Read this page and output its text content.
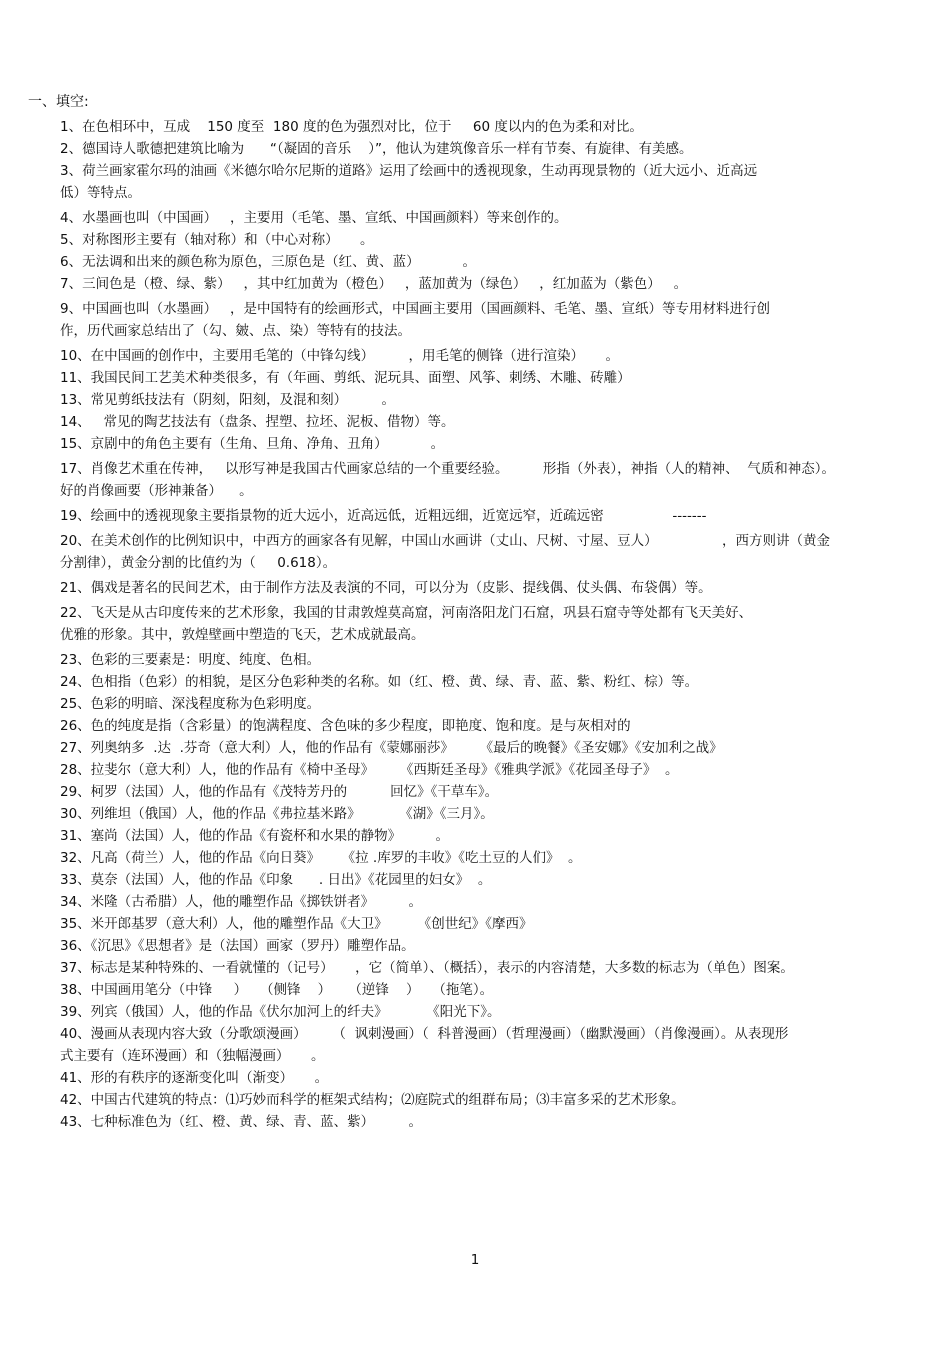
一、填空:
1、在色相环中，互成    150 度至  180 度的色为强烈对比，位于     60 度以内的色为柔和对比。
2、德国诗人歌德把建筑比喻为      “（凝固的音乐    ）”，他认为建筑像音乐一样有节奏、有旋律、有美感。
3、荷兰画家霍尔玛的油画《米德尔哈尔尼斯的道路》运用了绘画中的透视现象，生动再现景物的（近大远小、近高远
低）等特点。
4、水墨画也叫（中国画）   ，主要用（毛笔、墨、宣纸、中国画颜料）等来创作的。
5、对称图形主要有（轴对称）和（中心对称）     。
6、无法调和出来的颜色称为原色，三原色是（红、黄、蓝）          。
7、三间色是（橙、绿、紫）   ，其中红加黄为（橙色）   ，蓝加黄为（绿色）   ，红加蓝为（紫色）   。
9、中国画也叫（水墨画）   ，是中国特有的绘画形式，中国画主要用（国画颜料、毛笔、墨、宣纸）等专用材料进行创
作，历代画家总结出了（勾、皴、点、染）等特有的技法。
10、在中国画的创作中，主要用毛笔的（中锋勾线）        ，用毛笔的侧锋（进行渲染）     。
11、我国民间工艺美术种类很多，有（年画、剪纸、泥玩具、面塑、风筝、刺绣、木雕、砖雕）
13、常见剪纸技法有（阴刻，阳刻，及混和刻）        。
14、   常见的陶艺技法有（盘条、捏塑、拉坯、泥板、借物）等。
15、京剧中的角色主要有（生角、旦角、净角、丑角）          。
17、肖像艺术重在传神，   以形写神是我国古代画家总结的一个重要经验。        形指（外表），神指（人的精神、  气质和神态）。
好的肖像画要（形神兼备）    。
19、绘画中的透视现象主要指景物的近大远小，近高远低，近粗远细，近宽远窄，近疏远密                -------
20、在美术创作的比例知识中，中西方的画家各有见解，中国山水画讲（丈山、尺树、寸屋、豆人）               ，西方则讲（黄金
分割律），黄金分割的比值约为（     0.618）。
21、偶戏是著名的民间艺术，由于制作方法及表演的不同，可以分为（皮影、提线偶、仗头偶、布袋偶）等。
22、飞天是从古印度传来的艺术形象，我国的甘肃敦煌莫高窟，河南洛阳龙门石窟，巩县石窟寺等处都有飞天美好、
优雅的形象。其中，敦煌壁画中塑造的飞天，艺术成就最高。
23、色彩的三要素是：明度、纯度、色相。
24、色相指（色彩）的相貌，是区分色彩种类的名称。如（红、橙、黄、绿、青、蓝、紫、粉红、棕）等。
25、色彩的明暗、深浅程度称为色彩明度。
26、色的纯度是指（含彩量）的饱满程度、含色味的多少程度，即艳度、饱和度。是与灰相对的
27、列奥纳多  .达  .芬奇（意大利）人，他的作品有《蒙娜丽莎》      《最后的晚餐》《圣安娜》《安加利之战》
28、拉斐尔（意大利）人，他的作品有《椅中圣母》      《西斯廷圣母》《雅典学派》《花园圣母子》  。
29、柯罗（法国）人，他的作品有《茂特芳丹的          回忆》《干草车》。
30、列维坦（俄国）人，他的作品《弗拉基米路》         《湖》《三月》。
31、塞尚（法国）人，他的作品《有瓷杯和水果的静物》        。
32、凡高（荷兰）人，他的作品《向日葵》     《拉 .库罗的丰收》《吃土豆的人们》  。
33、莫奈（法国）人，他的作品《印象      . 日出》《花园里的妇女》  。
34、米隆（古希腊）人，他的雕塑作品《掷铁饼者》        。
35、米开郎基罗（意大利）人，他的雕塑作品《大卫》       《创世纪》《摩西》
36、《沉思》《思想者》是（法国）画家（罗丹）雕塑作品。
37、标志是某种特殊的、一看就懂的（记号）     ，它（简单）、（概括），表示的内容清楚，大多数的标志为（单色）图案。
38、中国画用笔分（中锋     ）   （侧锋    ）    （逆锋    ）   （拖笔）。
39、列宾（俄国）人，他的作品《伏尔加河上的纤夫》         《阳光下》。
40、漫画从表现内容大致（分歌颂漫画）      （  讽刺漫画）（  科普漫画）（哲理漫画）（幽默漫画）（肖像漫画）。从表现形
式主要有（连环漫画）和（独幅漫画）     。
41、形的有秩序的逐渐变化叫（渐变）     。
42、中国古代建筑的特点：⑴巧妙而科学的框架式结构；⑵庭院式的组群布局；⑶丰富多采的艺术形象。
43、七种标准色为（红、橙、黄、绿、青、蓝、紫）        。
1
